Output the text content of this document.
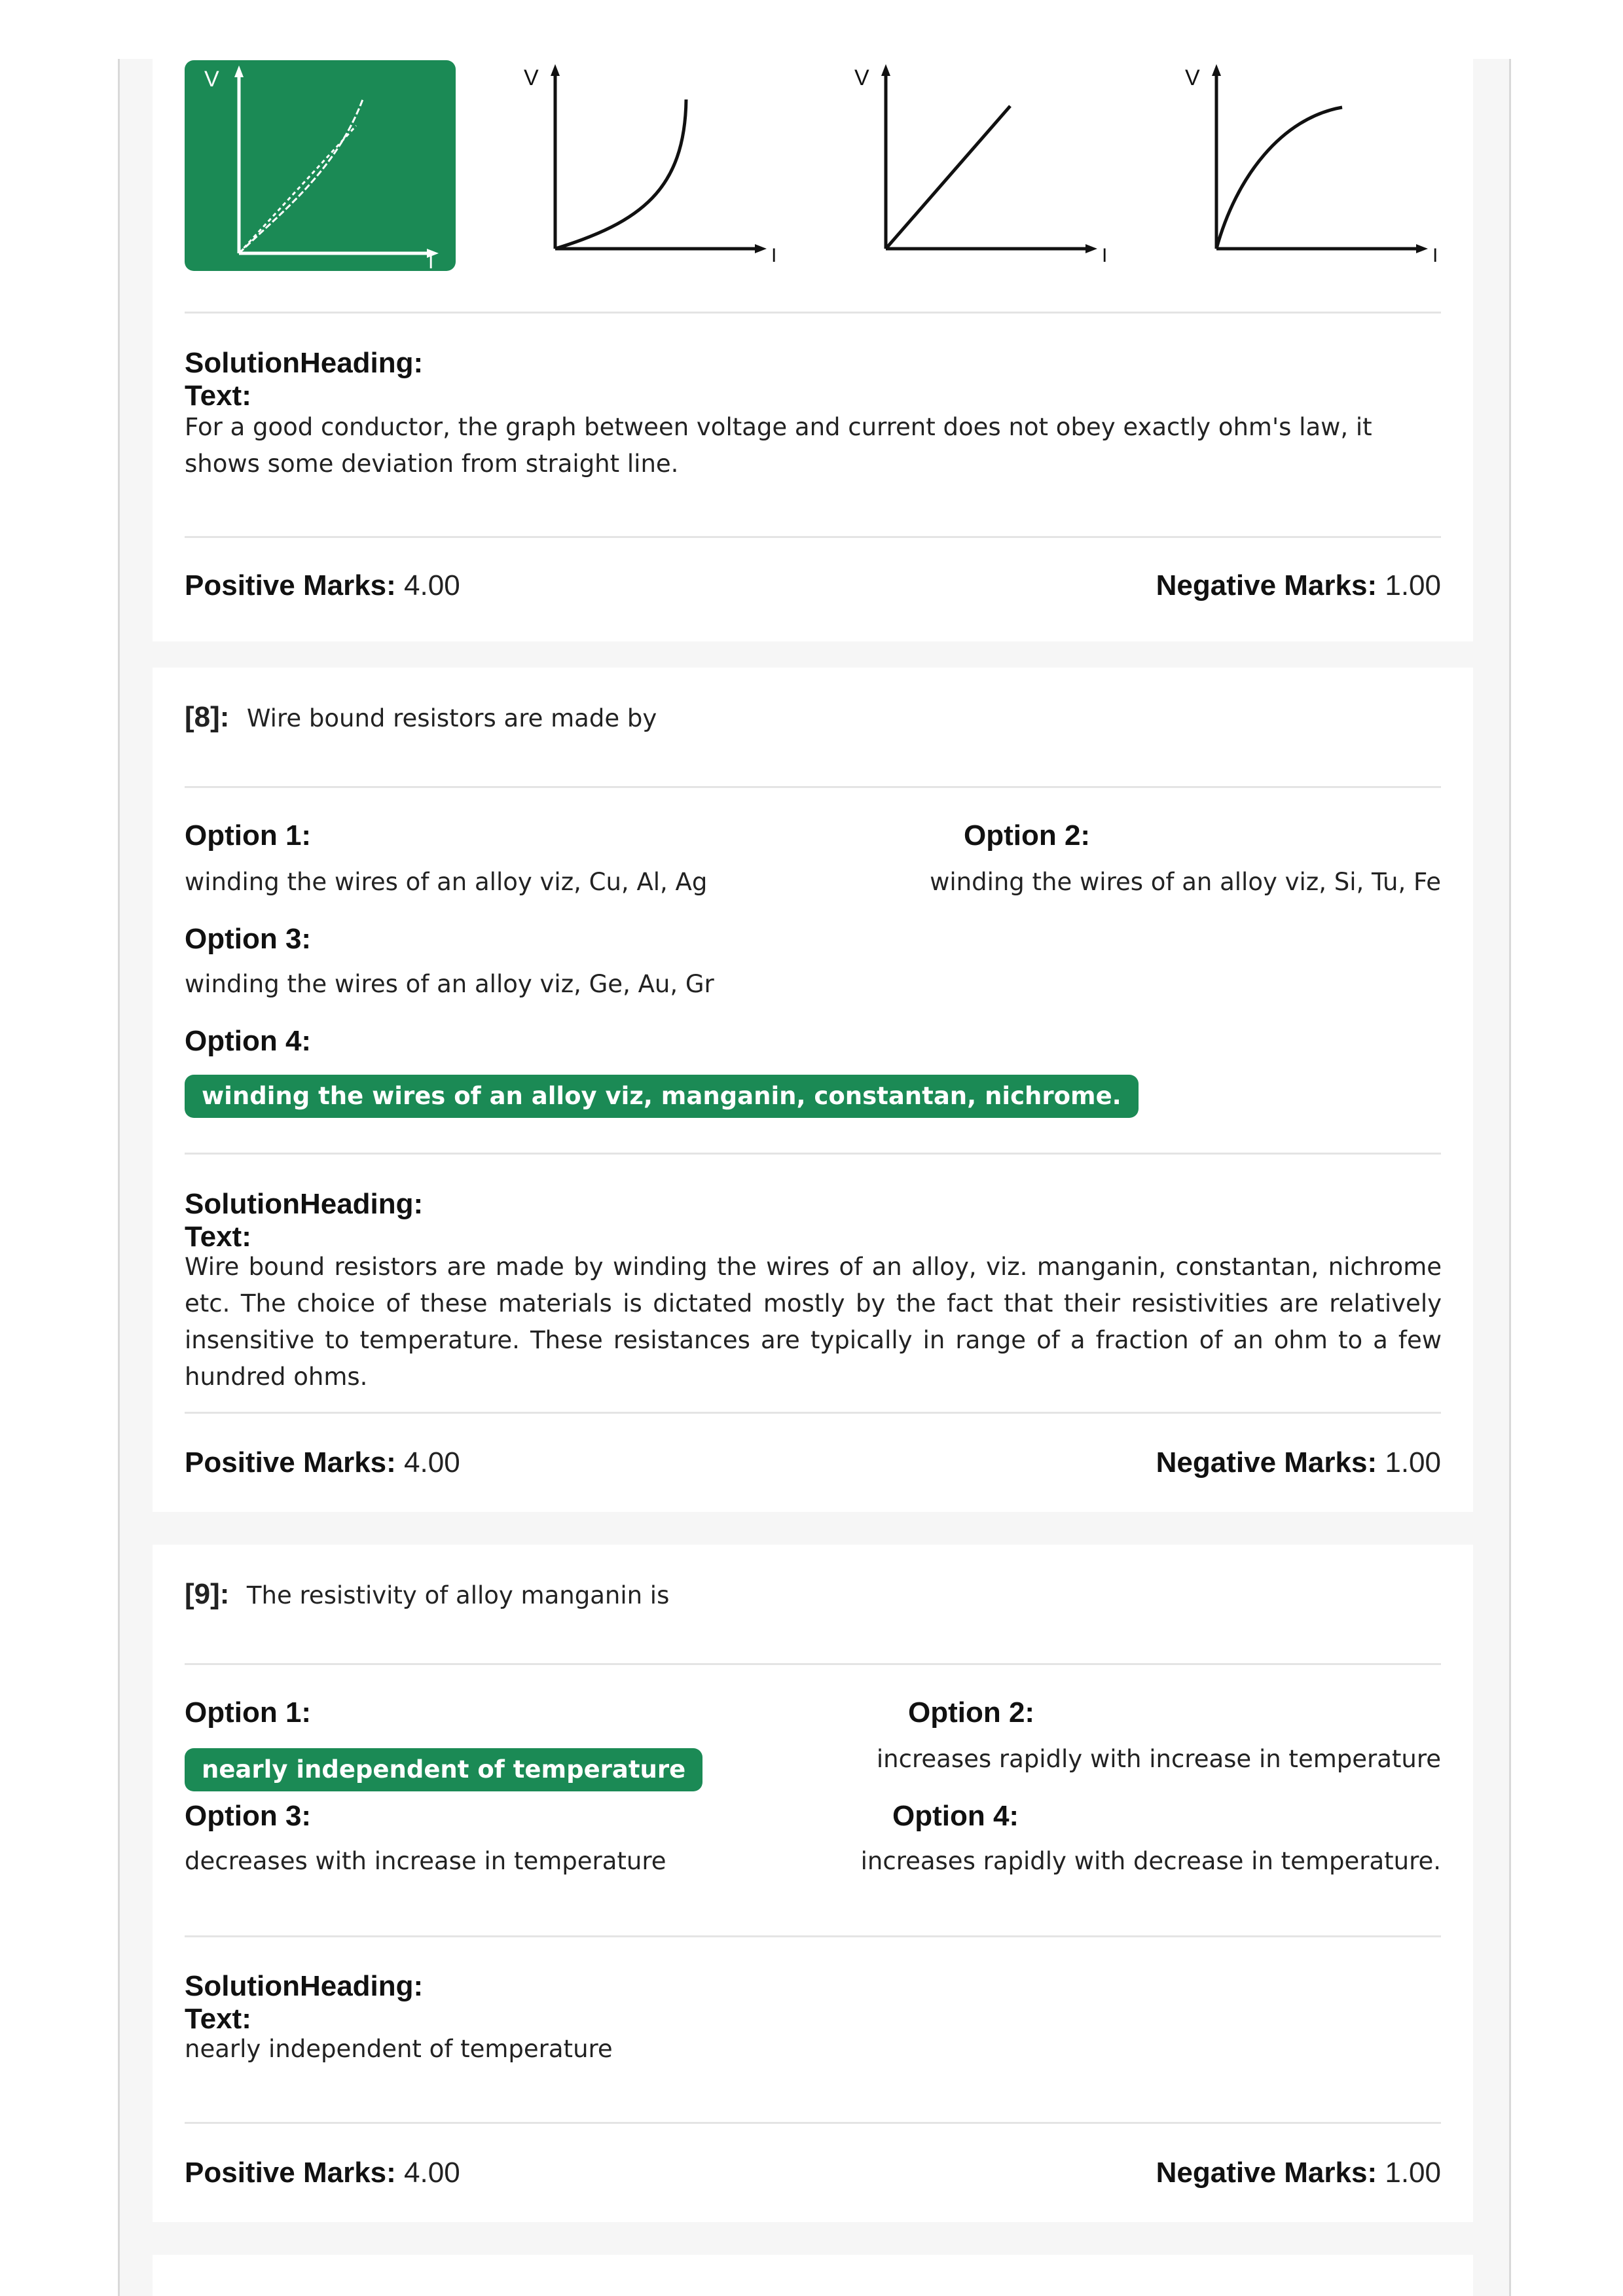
V
I
V
I
V
I
V
I
SolutionHeading:
Text:
For a good conductor, the graph between voltage and current does not obey exactly ohm's law, it shows some deviation from straight line.
Positive Marks: 4.00	Negative Marks: 1.00
[8]: Wire bound resistors are made by
Option 1:
winding the wires of an alloy viz, Cu, Al, Ag
Option 2:
winding the wires of an alloy viz, Si, Tu, Fe
Option 3:
winding the wires of an alloy viz, Ge, Au, Gr
Option 4:
winding the wires of an alloy viz, manganin, constantan, nichrome.
SolutionHeading:
Text:
Wire bound resistors are made by winding the wires of an alloy, viz. manganin, constantan, nichrome etc. The choice of these materials is dictated mostly by the fact that their resistivities are relatively insensitive to temperature. These resistances are typically in range of a fraction of an ohm to a few hundred ohms.
Positive Marks: 4.00	Negative Marks: 1.00
[9]: The resistivity of alloy manganin is
Option 1:
nearly independent of temperature
Option 2:
increases rapidly with increase in temperature
Option 3:
decreases with increase in temperature
Option 4:
increases rapidly with decrease in temperature.
SolutionHeading:
Text:
nearly independent of temperature
Positive Marks: 4.00	Negative Marks: 1.00
